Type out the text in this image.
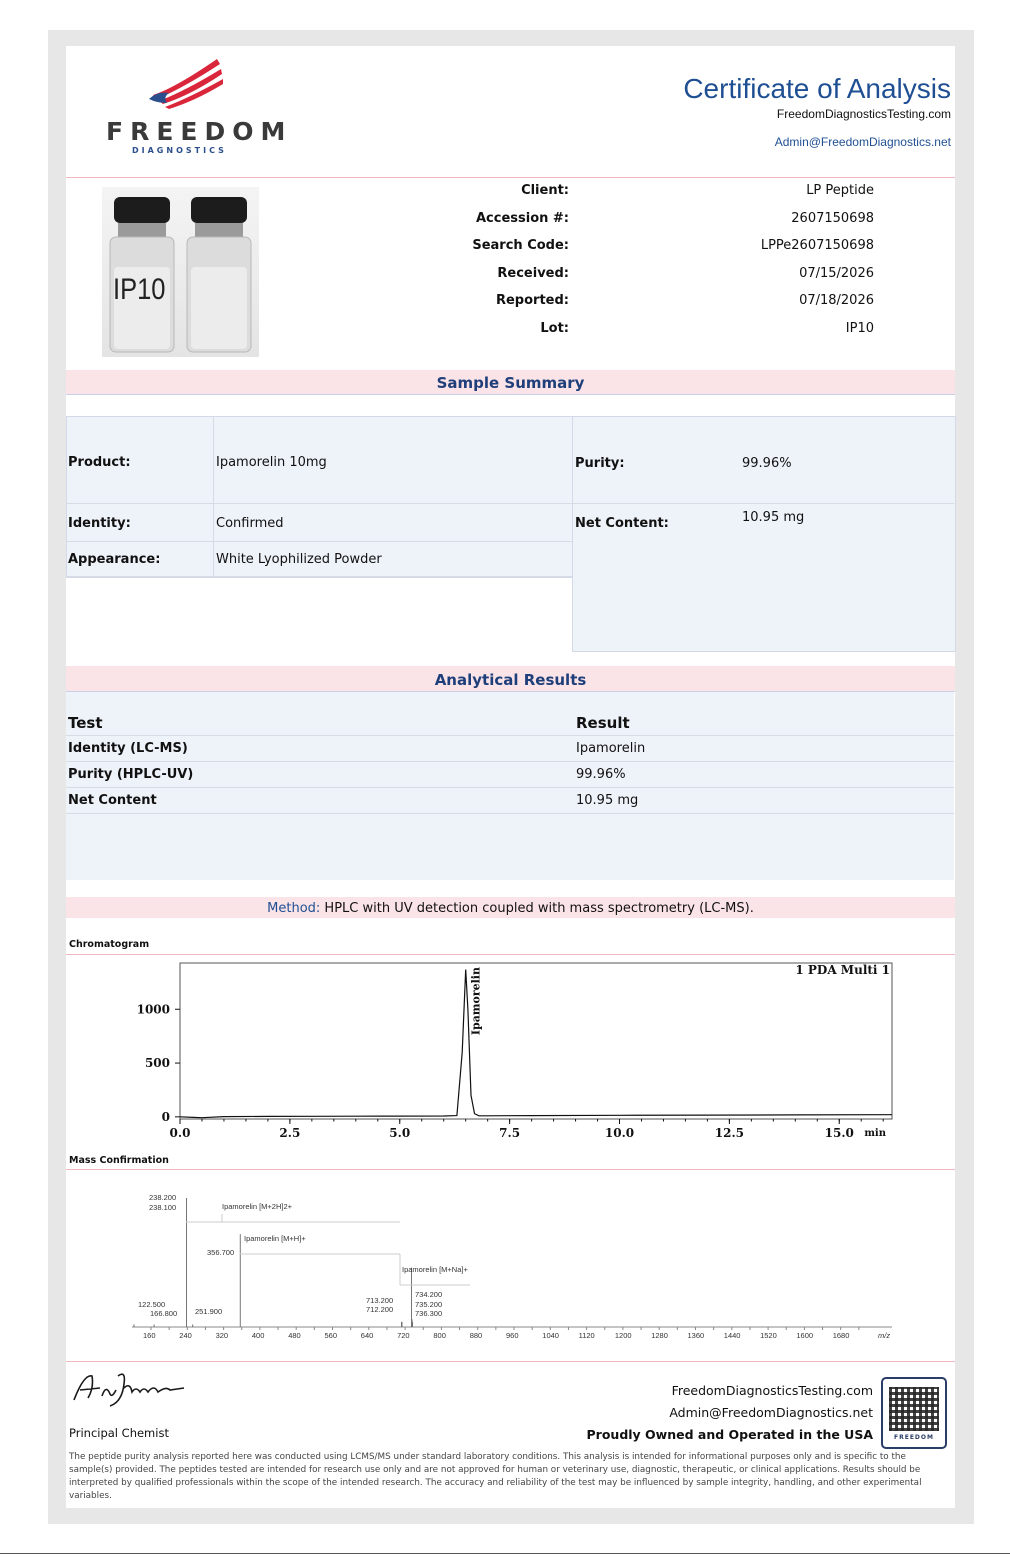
FREEDOM
DIAGNOSTICS
Certificate of Analysis
FreedomDiagnosticsTesting.com
Admin@FreedomDiagnostics.net
IP10
Client:	LP Peptide
Accession #:	2607150698
Search Code:	LPPe2607150698
Received:	07/15/2026
Reported:	07/18/2026
Lot:	IP10
Sample Summary
Product:	Ipamorelin 10mg
Identity:	Confirmed
Appearance:	White Lyophilized Powder
Purity:	99.96%
Net Content:	10.95 mg
Analytical Results
Test	Result
Identity (LC-MS)	Ipamorelin
Purity (HPLC-UV)	99.96%
Net Content	10.95 mg
Method: HPLC with UV detection coupled with mass spectrometry (LC-MS).
Chromatogram
0.0	2.5	5.0	7.5	10.0	12.5	15.0
0
500
1000
1 PDA Multi 1
Ipamorelin
min
Mass Confirmation
238.200
238.100
356.700
122.500
166.800 251.900
713.200
712.200
734.200
735.200
736.300
Ipamorelin [M+2H]2+
Ipamorelin [M+H]+
Ipamorelin [M+Na]+
160	240	320	400	480	560	640	720	800	880	960	1040	1120	1200	1280	1360	1440	1520	1600	1680	m/z
Principal Chemist
FreedomDiagnosticsTesting.com
Admin@FreedomDiagnostics.net
Proudly Owned and Operated in the USA	FREEDOM
The peptide purity analysis reported here was conducted using LCMS/MS under standard laboratory conditions. This analysis is intended for informational purposes only and is specific to the sample(s) provided. The peptides tested are intended for research use only and are not approved for human or veterinary use, diagnostic, therapeutic, or clinical applications. Results should be interpreted by qualified professionals within the scope of the intended research. The accuracy and reliability of the test may be influenced by sample integrity, handling, and other experimental variables.
